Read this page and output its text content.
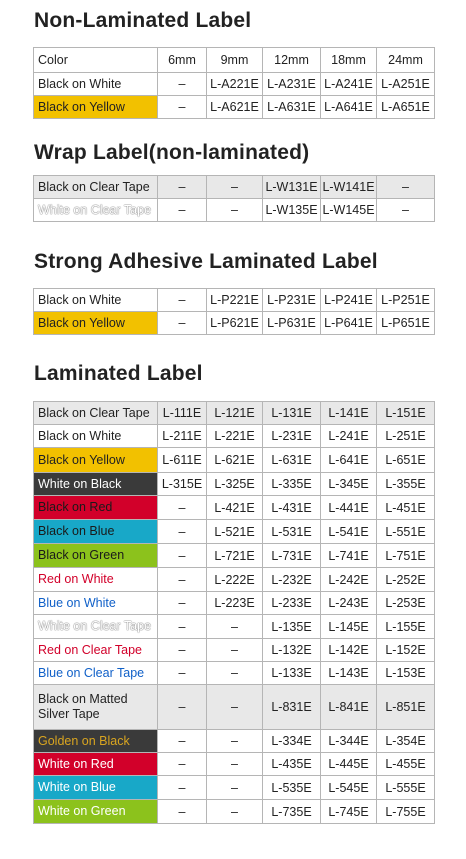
Non-Laminated Label
Color	6mm	9mm	12mm	18mm	24mm
Black on White	–	L-A221E	L-A231E	L-A241E	L-A251E
Black on Yellow	–	L-A621E	L-A631E	L-A641E	L-A651E
Wrap Label(non-laminated)
Black on Clear Tape	–	–	L-W131E	L-W141E	–
White on Clear Tape	–	–	L-W135E	L-W145E	–
Strong Adhesive Laminated Label
Black on White	–	L-P221E	L-P231E	L-P241E	L-P251E
Black on Yellow	–	L-P621E	L-P631E	L-P641E	L-P651E
Laminated Label
Black on Clear Tape	L-111E	L-121E	L-131E	L-141E	L-151E
Black on White	L-211E	L-221E	L-231E	L-241E	L-251E
Black on Yellow	L-611E	L-621E	L-631E	L-641E	L-651E
White on Black	L-315E	L-325E	L-335E	L-345E	L-355E
Black on Red	–	L-421E	L-431E	L-441E	L-451E
Black on Blue	–	L-521E	L-531E	L-541E	L-551E
Black on Green	–	L-721E	L-731E	L-741E	L-751E
Red on White	–	L-222E	L-232E	L-242E	L-252E
Blue on White	–	L-223E	L-233E	L-243E	L-253E
White on Clear Tape	–	–	L-135E	L-145E	L-155E
Red on Clear Tape	–	–	L-132E	L-142E	L-152E
Blue on Clear Tape	–	–	L-133E	L-143E	L-153E
Black on Matted Silver Tape	–	–	L-831E	L-841E	L-851E
Golden on Black	–	–	L-334E	L-344E	L-354E
White on Red	–	–	L-435E	L-445E	L-455E
White on Blue	–	–	L-535E	L-545E	L-555E
White on Green	–	–	L-735E	L-745E	L-755E
